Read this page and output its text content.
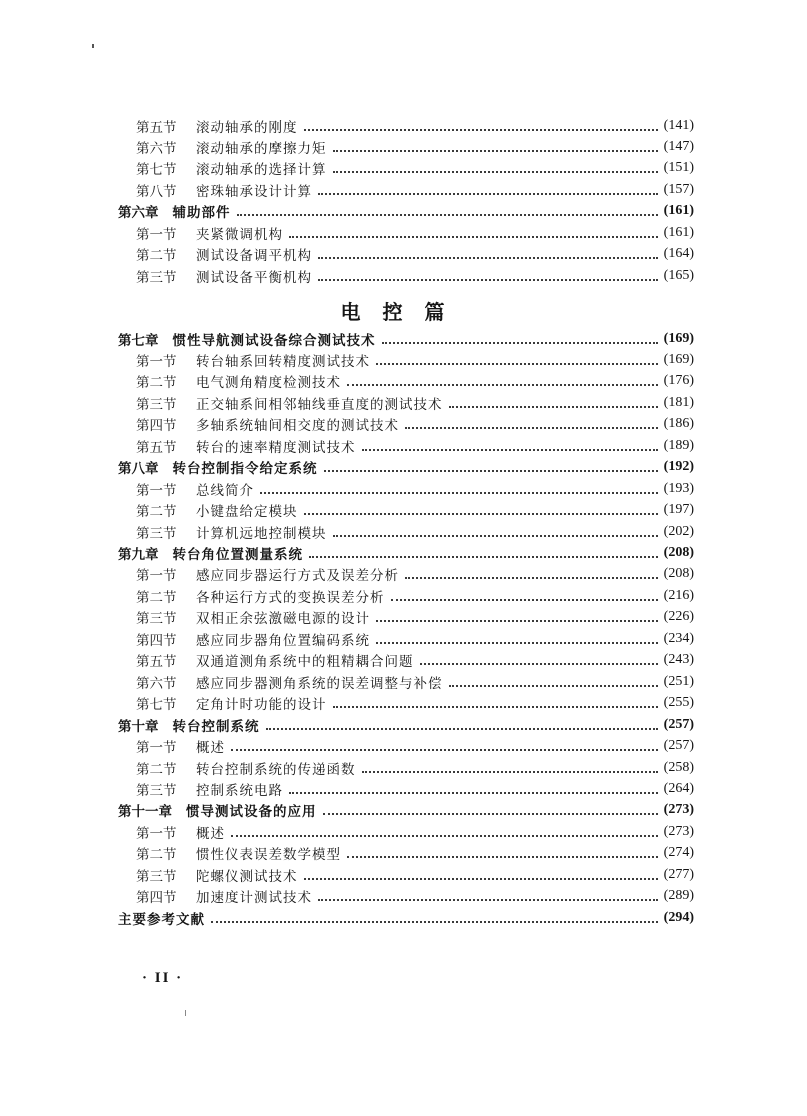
第五节	滚动轴承的刚度	(141)
第六节	滚动轴承的摩擦力矩	(147)
第七节	滚动轴承的选择计算	(151)
第八节	密珠轴承设计计算	(157)
第六章 辅助部件	(161)
第一节	夹紧微调机构	(161)
第二节	测试设备调平机构	(164)
第三节	测试设备平衡机构	(165)
电控篇
第七章 惯性导航测试设备综合测试技术	(169)
第一节	转台轴系回转精度测试技术	(169)
第二节	电气测角精度检测技术	(176)
第三节	正交轴系间相邻轴线垂直度的测试技术	(181)
第四节	多轴系统轴间相交度的测试技术	(186)
第五节	转台的速率精度测试技术	(189)
第八章 转台控制指令给定系统	(192)
第一节	总线简介	(193)
第二节	小键盘给定模块	(197)
第三节	计算机远地控制模块	(202)
第九章 转台角位置测量系统	(208)
第一节	感应同步器运行方式及误差分析	(208)
第二节	各种运行方式的变换误差分析	(216)
第三节	双相正余弦激磁电源的设计	(226)
第四节	感应同步器角位置编码系统	(234)
第五节	双通道测角系统中的粗精耦合问题	(243)
第六节	感应同步器测角系统的误差调整与补偿	(251)
第七节	定角计时功能的设计	(255)
第十章 转台控制系统	(257)
第一节	概述	(257)
第二节	转台控制系统的传递函数	(258)
第三节	控制系统电路	(264)
第十一章 惯导测试设备的应用	(273)
第一节	概述	(273)
第二节	惯性仪表误差数学模型	(274)
第三节	陀螺仪测试技术	(277)
第四节	加速度计测试技术	(289)
主要参考文献	(294)
· II ·
